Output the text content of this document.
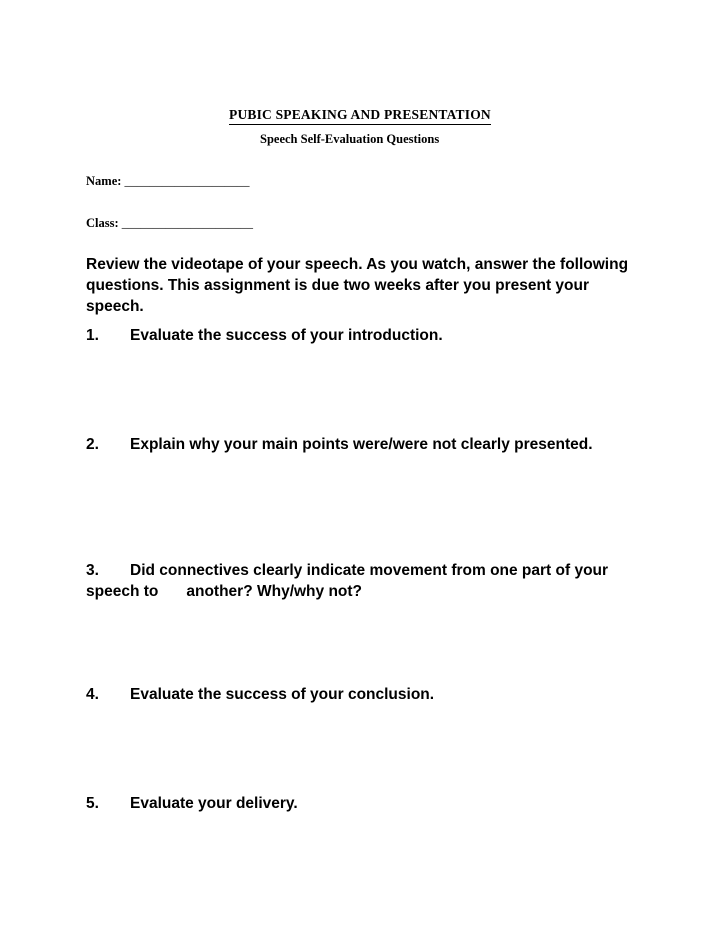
PUBIC SPEAKING AND PRESENTATION
Speech Self-Evaluation Questions
Name: ____________________
Class: _____________________

Review the videotape of your speech. As you watch, answer the following questions. This assignment is due two weeks after you present your speech.

1. Evaluate the success of your introduction.

2. Explain why your main points were/were not clearly presented.

3. Did connectives clearly indicate movement from one part of your speech to another? Why/why not?

4. Evaluate the success of your conclusion.

5. Evaluate your delivery.
